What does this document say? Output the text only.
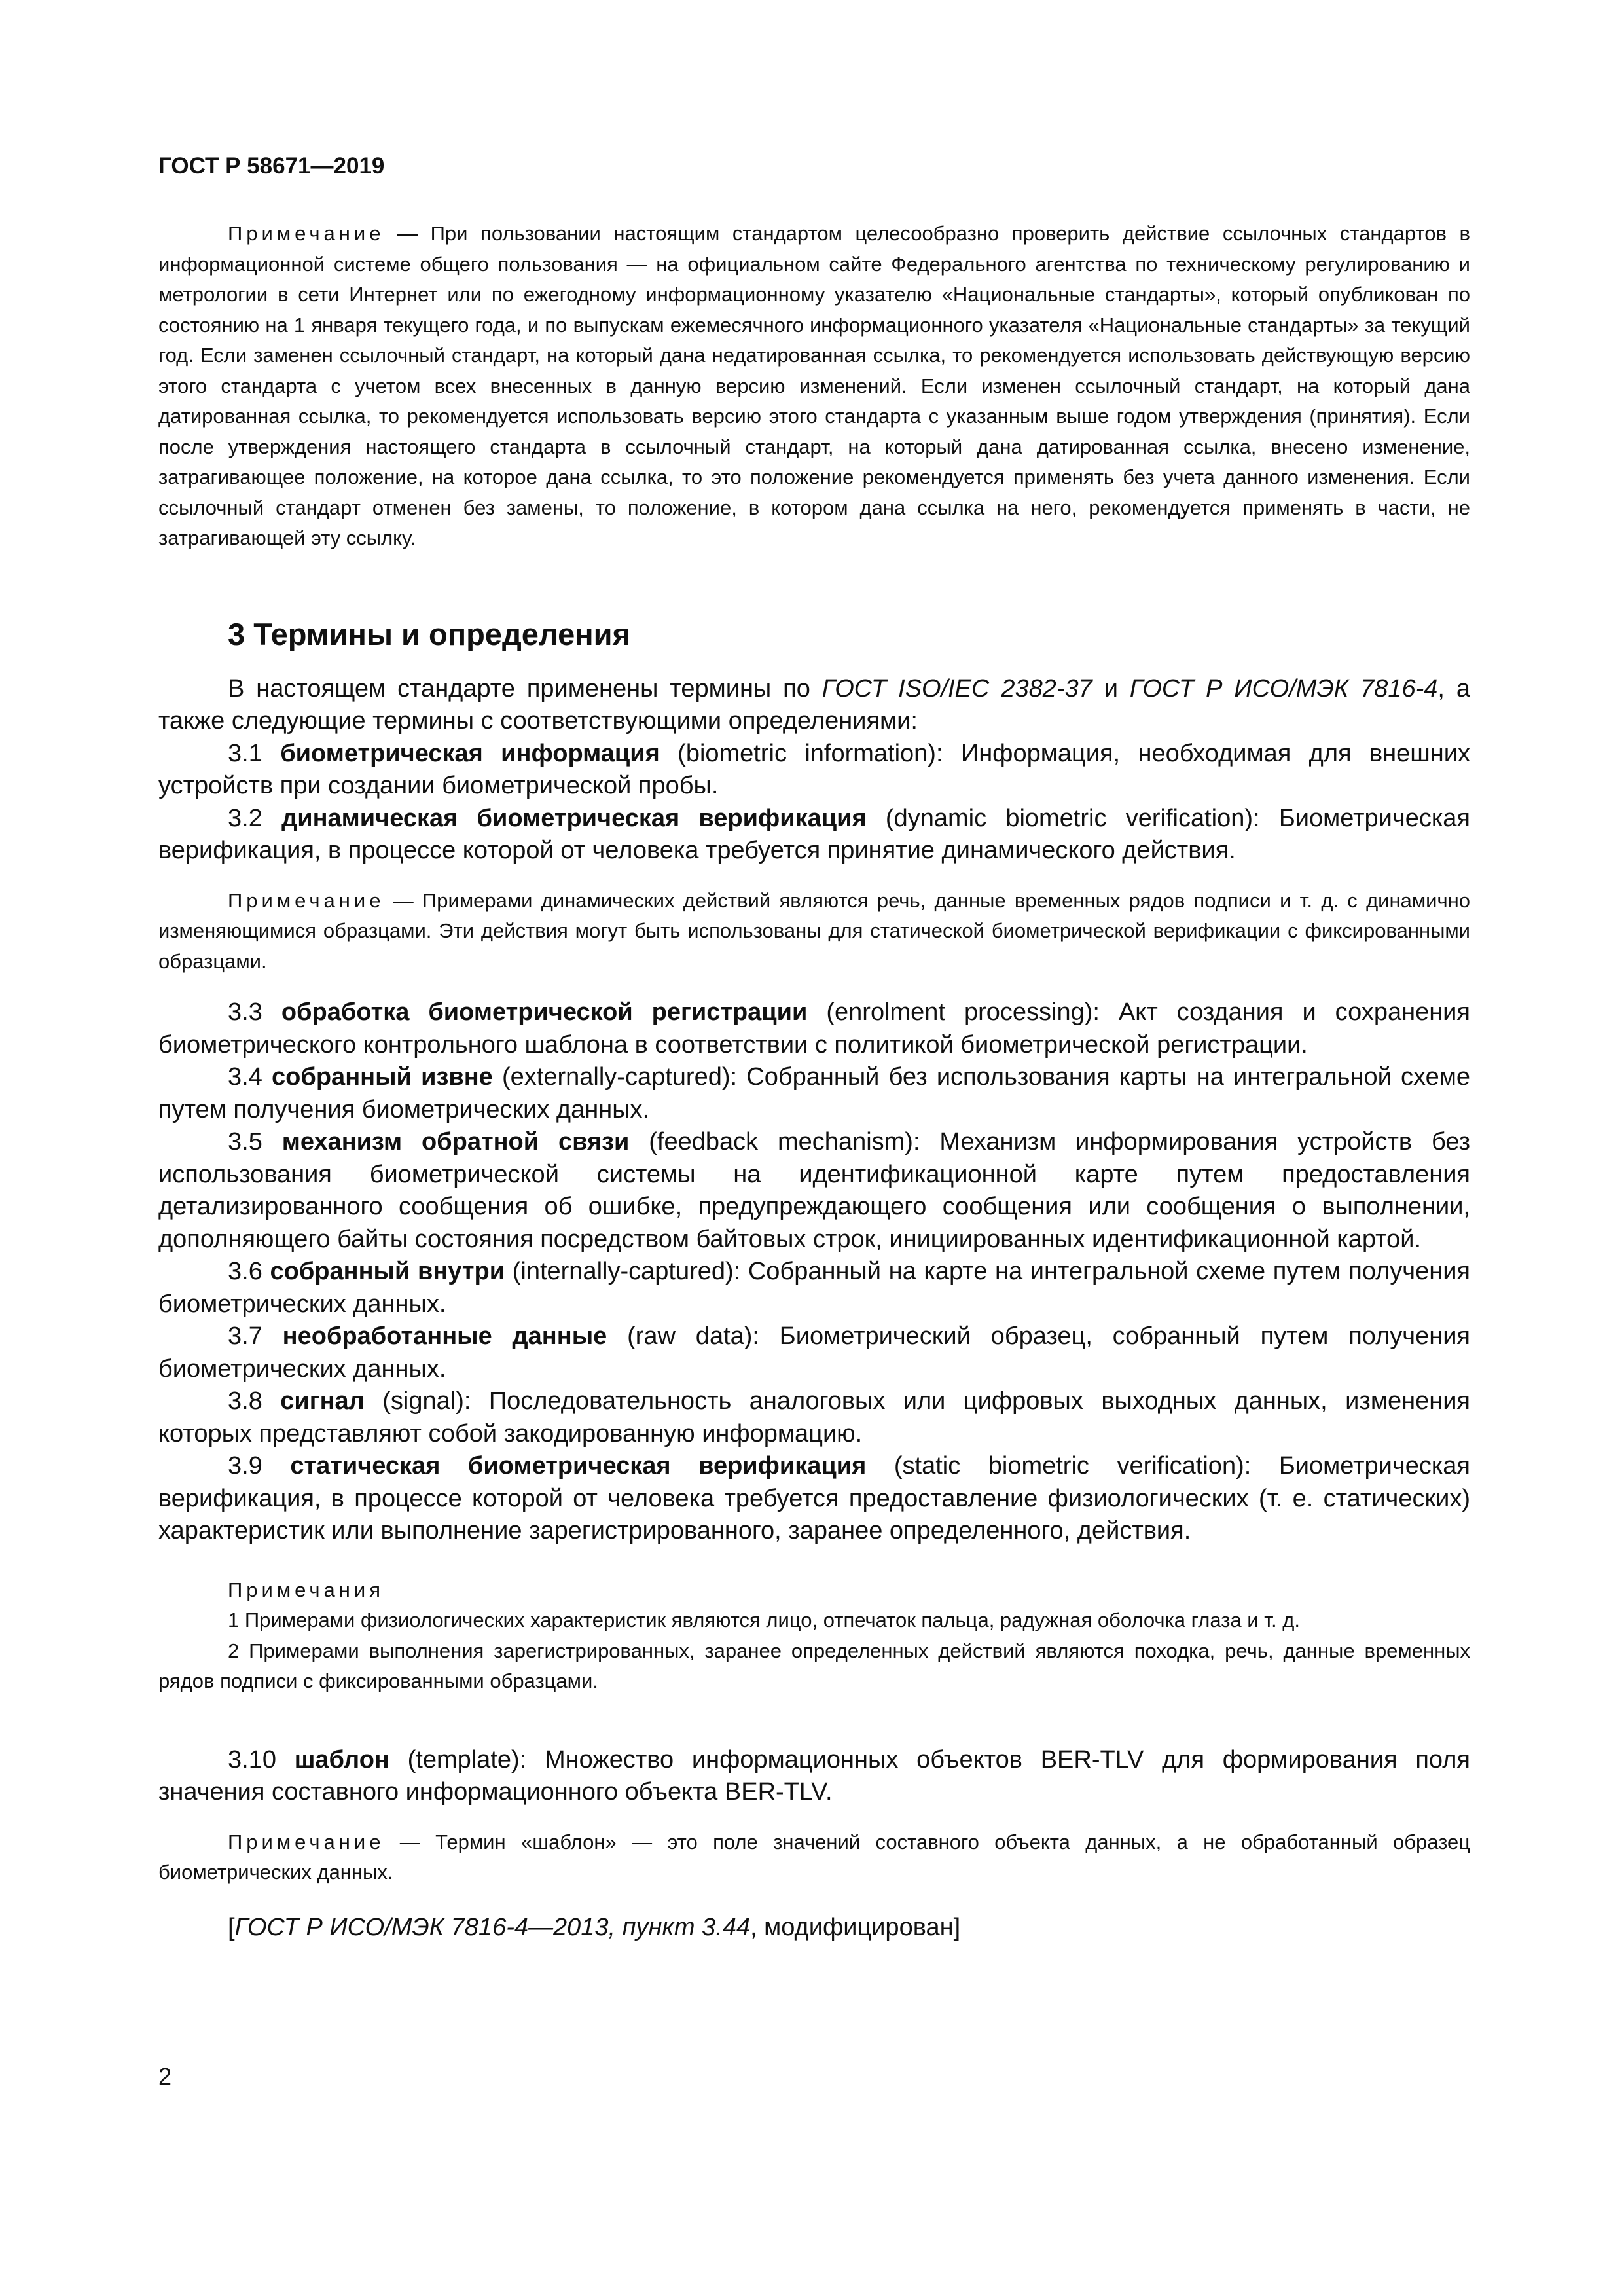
ГОСТ Р 58671—2019

Примечание — При пользовании настоящим стандартом целесообразно проверить действие ссылочных стандартов в информационной системе общего пользования — на официальном сайте Федерального агентства по техническому регулированию и метрологии в сети Интернет или по ежегодному информационному указателю «Национальные стандарты», который опубликован по состоянию на 1 января текущего года, и по выпускам ежемесячного информационного указателя «Национальные стандарты» за текущий год. Если заменен ссылочный стандарт, на который дана недатированная ссылка, то рекомендуется использовать действующую версию этого стандарта с учетом всех внесенных в данную версию изменений. Если изменен ссылочный стандарт, на который дана датированная ссылка, то рекомендуется использовать версию этого стандарта с указанным выше годом утверждения (принятия). Если после утверждения настоящего стандарта в ссылочный стандарт, на который дана датированная ссылка, внесено изменение, затрагивающее положение, на которое дана ссылка, то это положение рекомендуется применять без учета данного изменения. Если ссылочный стандарт отменен без замены, то положение, в котором дана ссылка на него, рекомендуется применять в части, не затрагивающей эту ссылку.

3 Термины и определения

В настоящем стандарте применены термины по ГОСТ ISO/IEC 2382-37 и ГОСТ Р ИСО/МЭК 7816-4, а также следующие термины с соответствующими определениями:

3.1 биометрическая информация (biometric information): Информация, необходимая для внешних устройств при создании биометрической пробы.

3.2 динамическая биометрическая верификация (dynamic biometric verification): Биометрическая верификация, в процессе которой от человека требуется принятие динамического действия.

Примечание — Примерами динамических действий являются речь, данные временных рядов подписи и т. д. с динамично изменяющимися образцами. Эти действия могут быть использованы для статической биометрической верификации с фиксированными образцами.

3.3 обработка биометрической регистрации (enrolment processing): Акт создания и сохранения биометрического контрольного шаблона в соответствии с политикой биометрической регистрации.

3.4 собранный извне (externally-captured): Собранный без использования карты на интегральной схеме путем получения биометрических данных.

3.5 механизм обратной связи (feedback mechanism): Механизм информирования устройств без использования биометрической системы на идентификационной карте путем предоставления детализированного сообщения об ошибке, предупреждающего сообщения или сообщения о выполнении, дополняющего байты состояния посредством байтовых строк, инициированных идентификационной картой.

3.6 собранный внутри (internally-captured): Собранный на карте на интегральной схеме путем получения биометрических данных.

3.7 необработанные данные (raw data): Биометрический образец, собранный путем получения биометрических данных.

3.8 сигнал (signal): Последовательность аналоговых или цифровых выходных данных, изменения которых представляют собой закодированную информацию.

3.9 статическая биометрическая верификация (static biometric verification): Биометрическая верификация, в процессе которой от человека требуется предоставление физиологических (т. е. статических) характеристик или выполнение зарегистрированного, заранее определенного, действия.

Примечания

1 Примерами физиологических характеристик являются лицо, отпечаток пальца, радужная оболочка глаза и т. д.

2 Примерами выполнения зарегистрированных, заранее определенных действий являются походка, речь, данные временных рядов подписи с фиксированными образцами.

3.10 шаблон (template): Множество информационных объектов BER-TLV для формирования поля значения составного информационного объекта BER-TLV.

Примечание — Термин «шаблон» — это поле значений составного объекта данных, а не обработанный образец биометрических данных.

[ГОСТ Р ИСО/МЭК 7816-4—2013, пункт 3.44, модифицирован]
2
